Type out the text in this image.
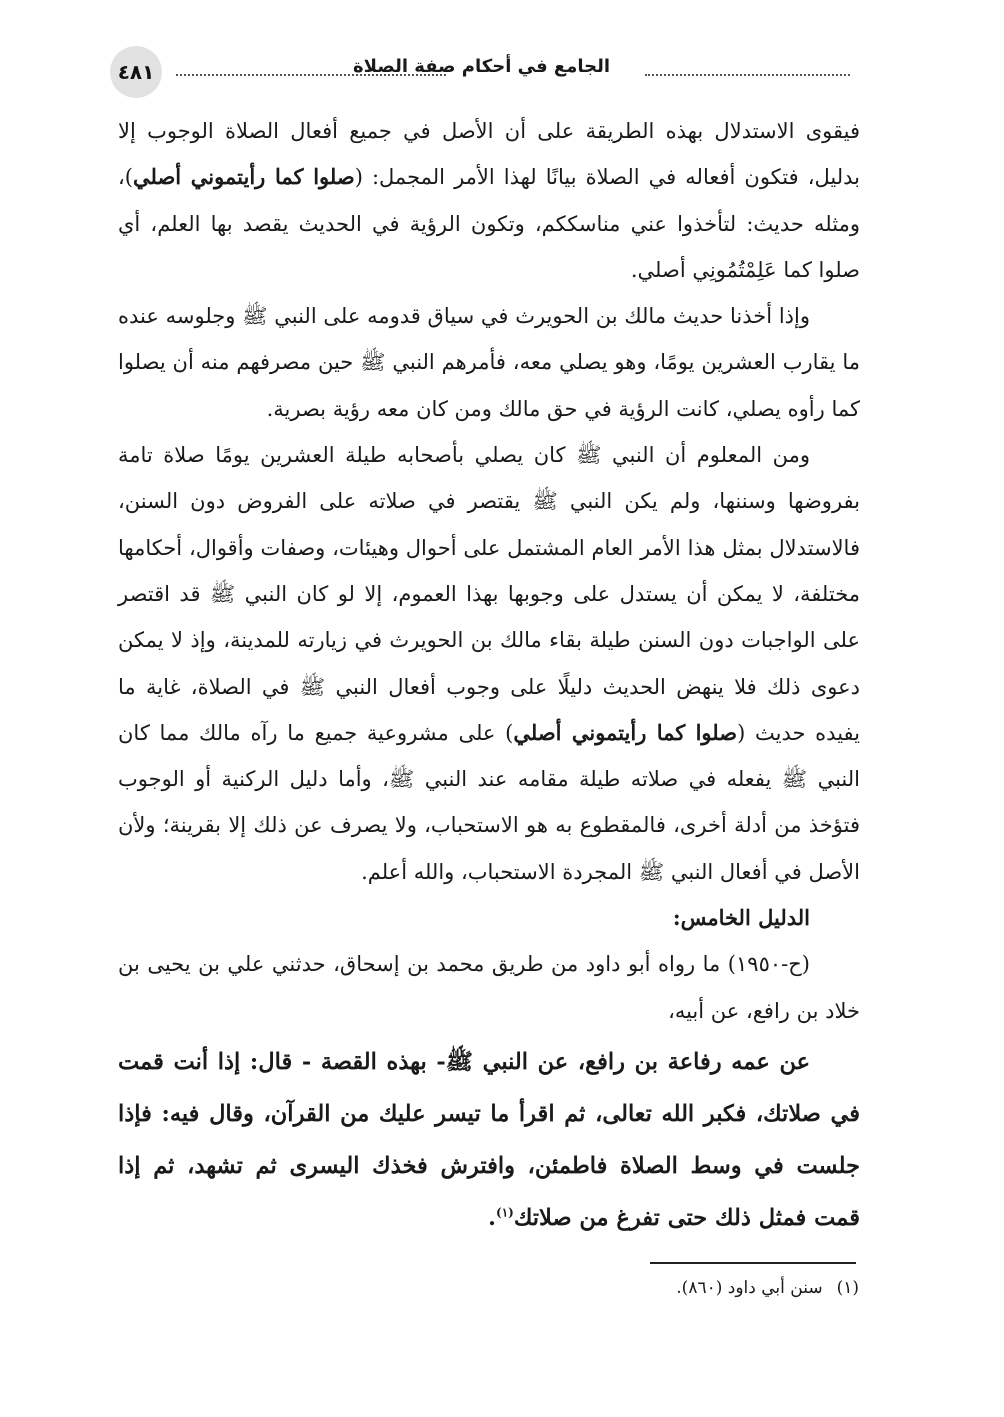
٤٨١	الجامع في أحكام صفة الصلاة

فيقوى الاستدلال بهذه الطريقة على أن الأصل في جميع أفعال الصلاة الوجوب إلا بدليل، فتكون أفعاله في الصلاة بيانًا لهذا الأمر المجمل: (صلوا كما رأيتموني أصلي)، ومثله حديث: لتأخذوا عني مناسككم، وتكون الرؤية في الحديث يقصد بها العلم، أي صلوا كما عَلِمْتُمُونِي أصلي.

وإذا أخذنا حديث مالك بن الحويرث في سياق قدومه على النبي ﷺ وجلوسه عنده ما يقارب العشرين يومًا، وهو يصلي معه، فأمرهم النبي ﷺ حين مصرفهم منه أن يصلوا كما رأوه يصلي، كانت الرؤية في حق مالك ومن كان معه رؤية بصرية.

ومن المعلوم أن النبي ﷺ كان يصلي بأصحابه طيلة العشرين يومًا صلاة تامة بفروضها وسننها، ولم يكن النبي ﷺ يقتصر في صلاته على الفروض دون السنن، فالاستدلال بمثل هذا الأمر العام المشتمل على أحوال وهيئات، وصفات وأقوال، أحكامها مختلفة، لا يمكن أن يستدل على وجوبها بهذا العموم، إلا لو كان النبي ﷺ قد اقتصر على الواجبات دون السنن طيلة بقاء مالك بن الحويرث في زيارته للمدينة، وإذ لا يمكن دعوى ذلك فلا ينهض الحديث دليلًا على وجوب أفعال النبي ﷺ في الصلاة، غاية ما يفيده حديث (صلوا كما رأيتموني أصلي) على مشروعية جميع ما رآه مالك مما كان النبي ﷺ يفعله في صلاته طيلة مقامه عند النبي ﷺ، وأما دليل الركنية أو الوجوب فتؤخذ من أدلة أخرى، فالمقطوع به هو الاستحباب، ولا يصرف عن ذلك إلا بقرينة؛ ولأن الأصل في أفعال النبي ﷺ المجردة الاستحباب، والله أعلم.

الدليل الخامس:

(ح-١٩٥٠) ما رواه أبو داود من طريق محمد بن إسحاق، حدثني علي بن يحيى بن خلاد بن رافع، عن أبيه،

عن عمه رفاعة بن رافع، عن النبي ﷺ- بهذه القصة - قال: إذا أنت قمت في صلاتك، فكبر الله تعالى، ثم اقرأ ما تيسر عليك من القرآن، وقال فيه: فإذا جلست في وسط الصلاة فاطمئن، وافترش فخذك اليسرى ثم تشهد، ثم إذا قمت فمثل ذلك حتى تفرغ من صلاتك$^{(١)}$.

(١)سنن أبي داود (٨٦٠).
